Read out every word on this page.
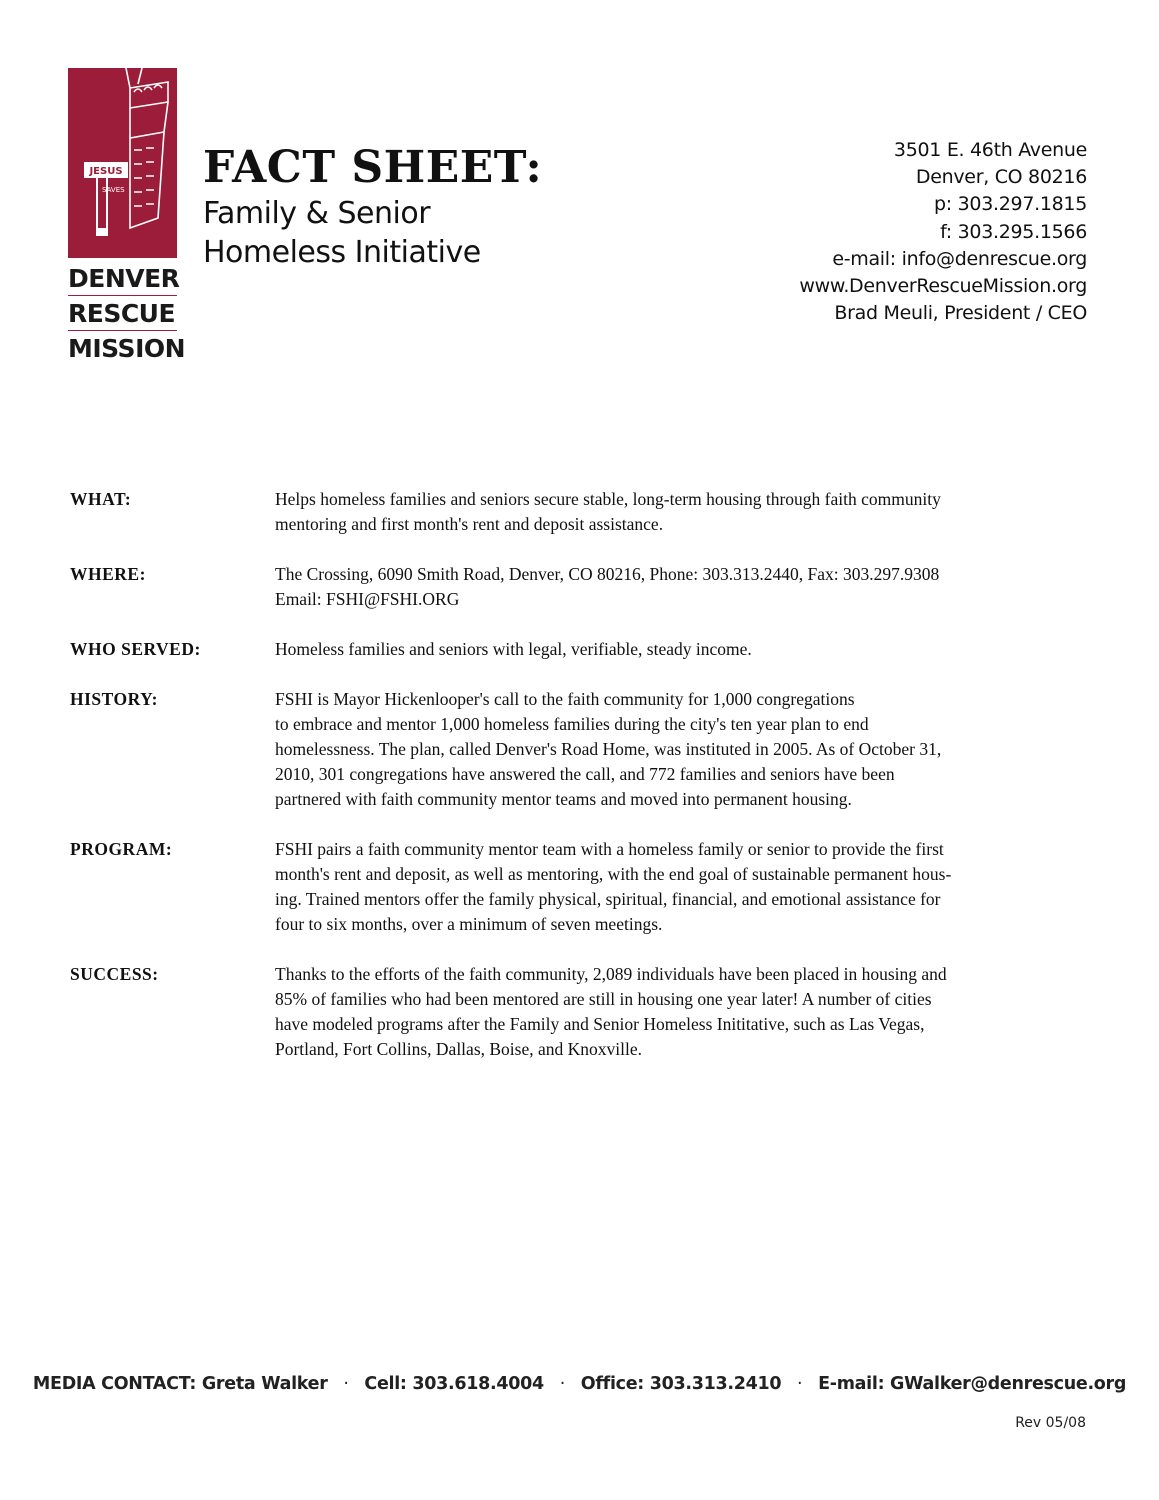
JESUS
SAVES
DENVER
RESCUE
MISSION
FACT SHEET:
Family & Senior
Homeless Initiative
3501 E. 46th Avenue
Denver, CO 80216
p: 303.297.1815
f: 303.295.1566
e-mail: info@denrescue.org
www.DenverRescueMission.org
Brad Meuli, President / CEO
WHAT:	Helps homeless families and seniors secure stable, long-term housing through faith community
mentoring and first month's rent and deposit assistance.
WHERE:	The Crossing, 6090 Smith Road, Denver, CO 80216, Phone: 303.313.2440, Fax: 303.297.9308
Email: FSHI@FSHI.ORG
WHO SERVED:	Homeless families and seniors with legal, verifiable, steady income.
HISTORY:	FSHI is Mayor Hickenlooper's call to the faith community for 1,000 congregations
to embrace and mentor 1,000 homeless families during the city's ten year plan to end
homelessness. The plan, called Denver's Road Home, was instituted in 2005. As of October 31,
2010, 301 congregations have answered the call, and 772 families and seniors have been
partnered with faith community mentor teams and moved into permanent housing.
PROGRAM:	FSHI pairs a faith community mentor team with a homeless family or senior to provide the first
month's rent and deposit, as well as mentoring, with the end goal of sustainable permanent hous-
ing. Trained mentors offer the family physical, spiritual, financial, and emotional assistance for
four to six months, over a minimum of seven meetings.
SUCCESS:	Thanks to the efforts of the faith community, 2,089 individuals have been placed in housing and
85% of families who had been mentored are still in housing one year later! A number of cities
have modeled programs after the Family and Senior Homeless Inititative, such as Las Vegas,
Portland, Fort Collins, Dallas, Boise, and Knoxville.
MEDIA CONTACT: Greta Walker · Cell: 303.618.4004 · Office: 303.313.2410 · E-mail: GWalker@denrescue.org
Rev 05/08
